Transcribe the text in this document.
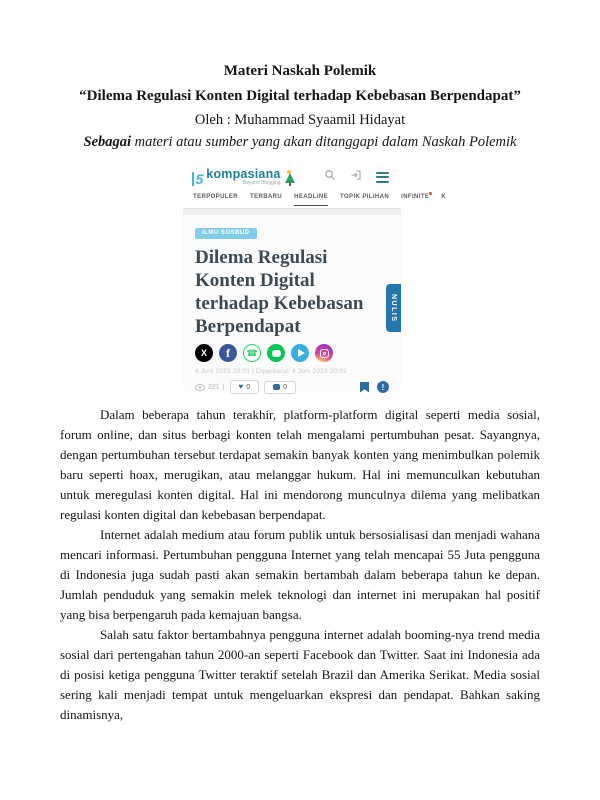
Materi Naskah Polemik
“Dilema Regulasi Konten Digital terhadap Kebebasan Berpendapat”
Oleh : Muhammad Syaamil Hidayat
Sebagai materi atau sumber yang akan ditanggapi dalam Naskah Polemik
5 kompasiana
Beyond Blogging
TERPOPULER TERBARU HEADLINE TOPIK PILIHAN INFINITE K
ILMU SOSBUD
Dilema Regulasi Konten Digital terhadap Kebebasan Berpendapat
X	f	☎
4 Juni 2023 20:01 | Diperbarui: 4 Juni 2023 20:02
221 | ♥ 0	0	!
NULIS

Dalam beberapa tahun terakhir, platform-platform digital seperti media sosial, forum online, dan situs berbagi konten telah mengalami pertumbuhan pesat. Sayangnya, dengan pertumbuhan tersebut terdapat semakin banyak konten yang menimbulkan polemik baru seperti hoax, merugikan, atau melanggar hukum. Hal ini memunculkan kebutuhan untuk meregulasi konten digital. Hal ini mendorong munculnya dilema yang melibatkan regulasi konten digital dan kebebasan berpendapat.

Internet adalah medium atau forum publik untuk bersosialisasi dan menjadi wahana mencari informasi. Pertumbuhan pengguna Internet yang telah mencapai 55 Juta pengguna di Indonesia juga sudah pasti akan semakin bertambah dalam beberapa tahun ke depan. Jumlah penduduk yang semakin melek teknologi dan internet ini merupakan hal positif yang bisa berpengaruh pada kemajuan bangsa.

Salah satu faktor bertambahnya pengguna internet adalah booming-nya trend media sosial dari pertengahan tahun 2000-an seperti Facebook dan Twitter. Saat ini Indonesia ada di posisi ketiga pengguna Twitter teraktif setelah Brazil dan Amerika Serikat. Media sosial sering kali menjadi tempat untuk mengeluarkan ekspresi dan pendapat. Bahkan saking dinamisnya,
